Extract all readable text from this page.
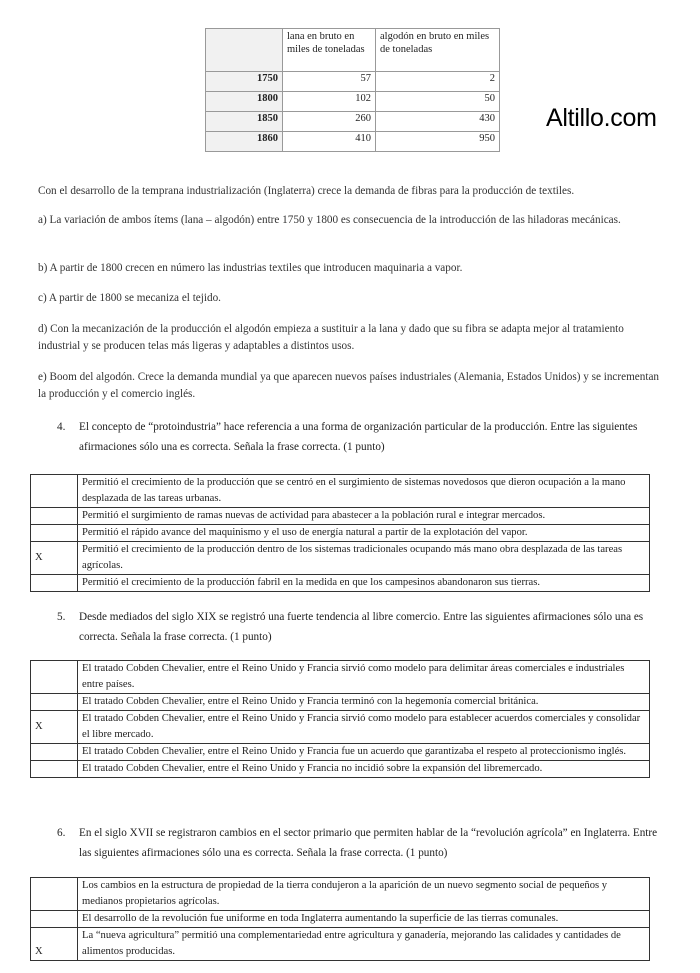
	lana en bruto en miles de toneladas	algodón en bruto en miles de toneladas
1750	57	2
1800	102	50
1850	260	430
1860	410	950
Altillo.com
Con el desarrollo de la temprana industrialización (Inglaterra) crece la demanda de fibras para la producción de textiles.
a) La variación de ambos ítems (lana – algodón) entre 1750 y 1800 es consecuencia de la introducción de las hiladoras mecánicas.
b) A partir de 1800 crecen en número las industrias textiles que introducen maquinaria a vapor.
c) A partir de 1800 se mecaniza el tejido.
d) Con la mecanización de la producción el algodón empieza a sustituir a la lana y dado que su fibra se adapta mejor al tratamiento industrial y se producen telas más ligeras y adaptables a distintos usos.
e) Boom del algodón. Crece la demanda mundial ya que aparecen nuevos países industriales (Alemania, Estados Unidos) y se incrementan la producción y el comercio inglés.
4. El concepto de “protoindustria” hace referencia a una forma de organización particular de la producción. Entre las siguientes afirmaciones sólo una es correcta. Señala la frase correcta. (1 punto)
	Permitió el crecimiento de la producción que se centró en el surgimiento de sistemas novedosos que dieron ocupación a la mano desplazada de las tareas urbanas.
	Permitió el surgimiento de ramas nuevas de actividad para abastecer a la población rural e integrar mercados.
	Permitió el rápido avance del maquinismo y el uso de energía natural a partir de la explotación del vapor.
X	Permitió el crecimiento de la producción dentro de los sistemas tradicionales ocupando más mano obra desplazada de las tareas agrícolas.
	Permitió el crecimiento de la producción fabril en la medida en que los campesinos abandonaron sus tierras.
5. Desde mediados del siglo XIX se registró una fuerte tendencia al libre comercio. Entre las siguientes afirmaciones sólo una es correcta. Señala la frase correcta. (1 punto)
	El tratado Cobden Chevalier, entre el Reino Unido y Francia sirvió como modelo para delimitar áreas comerciales e industriales entre países.
	El tratado Cobden Chevalier, entre el Reino Unido y Francia terminó con la hegemonía comercial británica.
X	El tratado Cobden Chevalier, entre el Reino Unido y Francia sirvió como modelo para establecer acuerdos comerciales y consolidar el libre mercado.
	El tratado Cobden Chevalier, entre el Reino Unido y Francia fue un acuerdo que garantizaba el respeto al proteccionismo inglés.
	El tratado Cobden Chevalier, entre el Reino Unido y Francia no incidió sobre la expansión del libremercado.
6. En el siglo XVII se registraron cambios en el sector primario que permiten hablar de la “revolución agrícola” en Inglaterra. Entre las siguientes afirmaciones sólo una es correcta. Señala la frase correcta. (1 punto)
	Los cambios en la estructura de propiedad de la tierra condujeron a la aparición de un nuevo segmento social de pequeños y medianos propietarios agrícolas.
	El desarrollo de la revolución fue uniforme en toda Inglaterra aumentando la superficie de las tierras comunales.
X	La “nueva agricultura” permitió una complementariedad entre agricultura y ganadería, mejorando las calidades y cantidades de alimentos producidas.
